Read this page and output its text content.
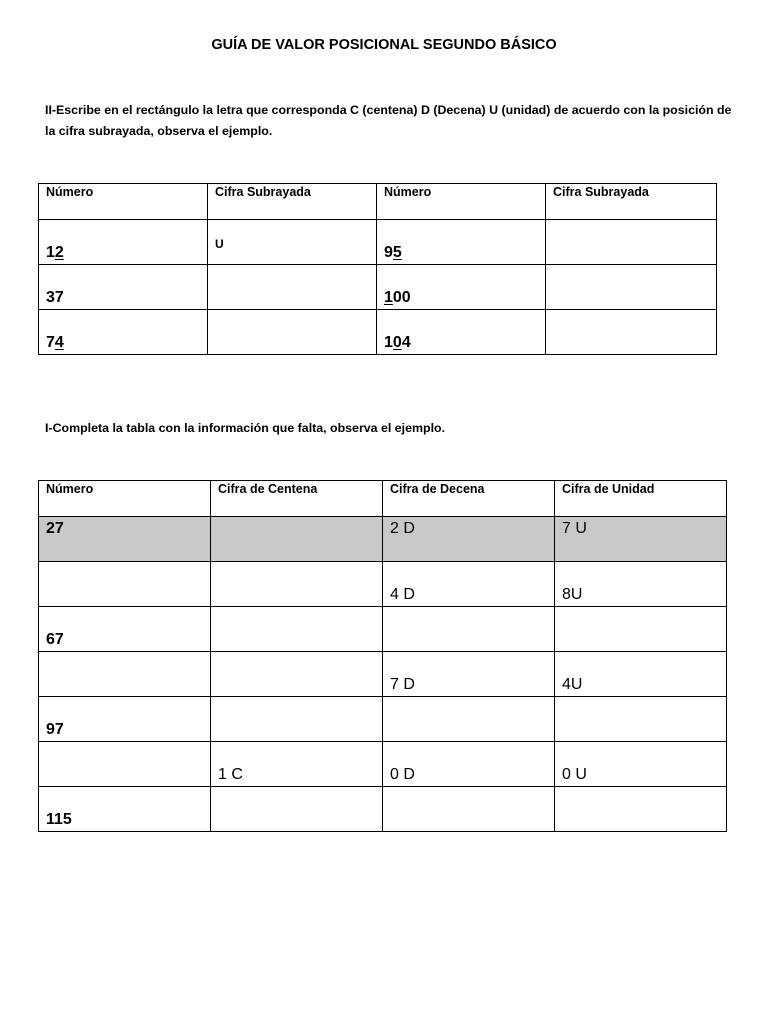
GUÍA DE VALOR POSICIONAL SEGUNDO BÁSICO
II-Escribe en el rectángulo la letra que corresponda C (centena) D (Decena) U (unidad) de acuerdo con la posición de la cifra subrayada, observa el ejemplo.
Número	Cifra Subrayada	Número	Cifra Subrayada

12	U	95	

37		100	

74		104	

I-Completa la tabla con la información que falta, observa el ejemplo.
Número	Cifra de Centena	Cifra de Decena	Cifra de Unidad

27		2 D	7 U

		4 D	8U

67			

		7 D	4U

97			

	1 C	0 D	0 U

115			
